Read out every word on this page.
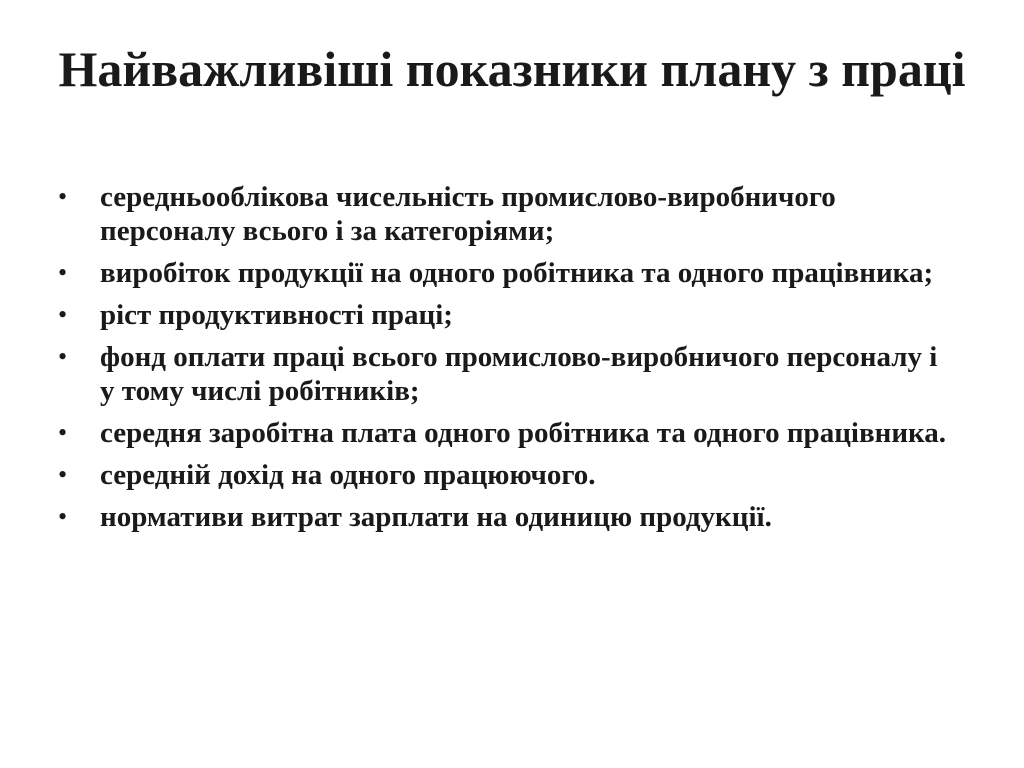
Найважливіші показники плану з праці
• середньооблікова чисельність промислово-виробничого персоналу всього і за категоріями;
• виробіток продукції на одного робітника та одного працівника;
• ріст продуктивності праці;
• фонд оплати праці всього промислово-виробничого персоналу і у тому числі робітників;
• середня заробітна плата одного робітника та одного працівника.
• середній дохід на одного працюючого.
• нормативи витрат зарплати на одиницю продукції.
